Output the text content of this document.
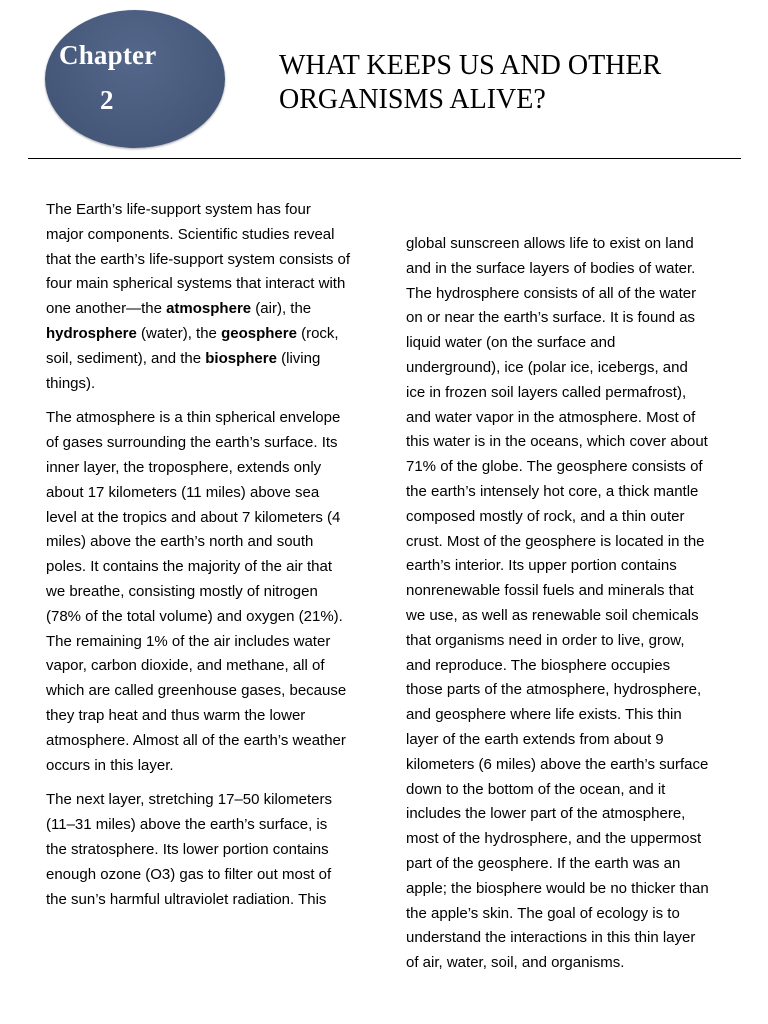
Chapter
2
WHAT KEEPS US AND OTHER
ORGANISMS ALIVE?
The Earth’s life-support system has four
major components. Scientific studies reveal
that the earth’s life-support system consists of
four main spherical systems that interact with
one another—the atmosphere (air), the
hydrosphere (water), the geosphere (rock,
soil, sediment), and the biosphere (living
things).
The atmosphere is a thin spherical envelope
of gases surrounding the earth’s surface. Its
inner layer, the troposphere, extends only
about 17 kilometers (11 miles) above sea
level at the tropics and about 7 kilometers (4
miles) above the earth’s north and south
poles. It contains the majority of the air that
we breathe, consisting mostly of nitrogen
(78% of the total volume) and oxygen (21%).
The remaining 1% of the air includes water
vapor, carbon dioxide, and methane, all of
which are called greenhouse gases, because
they trap heat and thus warm the lower
atmosphere. Almost all of the earth’s weather
occurs in this layer.
The next layer, stretching 17–50 kilometers
(11–31 miles) above the earth’s surface, is
the stratosphere. Its lower portion contains
enough ozone (O3) gas to filter out most of
the sun’s harmful ultraviolet radiation. This
global sunscreen allows life to exist on land
and in the surface layers of bodies of water.
The hydrosphere consists of all of the water
on or near the earth’s surface. It is found as
liquid water (on the surface and
underground), ice (polar ice, icebergs, and
ice in frozen soil layers called permafrost),
and water vapor in the atmosphere. Most of
this water is in the oceans, which cover about
71% of the globe. The geosphere consists of
the earth’s intensely hot core, a thick mantle
composed mostly of rock, and a thin outer
crust. Most of the geosphere is located in the
earth’s interior. Its upper portion contains
nonrenewable fossil fuels and minerals that
we use, as well as renewable soil chemicals
that organisms need in order to live, grow,
and reproduce. The biosphere occupies
those parts of the atmosphere, hydrosphere,
and geosphere where life exists. This thin
layer of the earth extends from about 9
kilometers (6 miles) above the earth’s surface
down to the bottom of the ocean, and it
includes the lower part of the atmosphere,
most of the hydrosphere, and the uppermost
part of the geosphere. If the earth was an
apple; the biosphere would be no thicker than
the apple’s skin. The goal of ecology is to
understand the interactions in this thin layer
of air, water, soil, and organisms.
